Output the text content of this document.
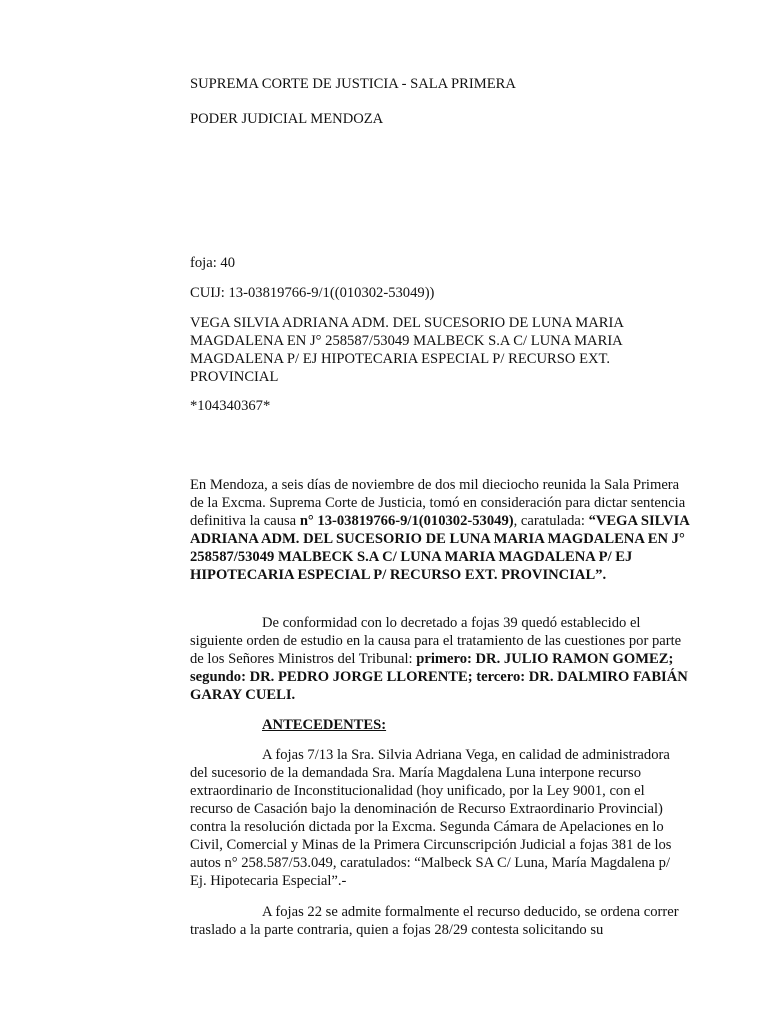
SUPREMA CORTE DE JUSTICIA - SALA PRIMERA
PODER JUDICIAL MENDOZA
foja: 40
CUIJ: 13-03819766-9/1((010302-53049))
VEGA SILVIA ADRIANA ADM. DEL SUCESORIO DE LUNA MARIA
MAGDALENA EN J° 258587/53049 MALBECK S.A C/ LUNA MARIA
MAGDALENA P/ EJ HIPOTECARIA ESPECIAL P/ RECURSO EXT.
PROVINCIAL
*104340367*

En Mendoza, a seis días de noviembre de dos mil dieciocho reunida la Sala Primera de la Excma. Suprema Corte de Justicia, tomó en consideración para dictar sentencia definitiva la causa n° 13-03819766-9/1(010302-53049), caratulada: “VEGA SILVIA ADRIANA ADM. DEL SUCESORIO DE LUNA MARIA MAGDALENA EN J° 258587/53049 MALBECK S.A C/ LUNA MARIA MAGDALENA P/ EJ HIPOTECARIA ESPECIAL P/ RECURSO EXT. PROVINCIAL”.

De conformidad con lo decretado a fojas 39 quedó establecido el siguiente orden de estudio en la causa para el tratamiento de las cuestiones por parte de los Señores Ministros del Tribunal: primero: DR. JULIO RAMON GOMEZ; segundo: DR. PEDRO JORGE LLORENTE; tercero: DR. DALMIRO FABIÁN GARAY CUELI.

ANTECEDENTES:

A fojas 7/13 la Sra. Silvia Adriana Vega, en calidad de administradora del sucesorio de la demandada Sra. María Magdalena Luna interpone recurso extraordinario de Inconstitucionalidad (hoy unificado, por la Ley 9001, con el recurso de Casación bajo la denominación de Recurso Extraordinario Provincial) contra la resolución dictada por la Excma. Segunda Cámara de Apelaciones en lo Civil, Comercial y Minas de la Primera Circunscripción Judicial a fojas 381 de los autos n° 258.587/53.049, caratulados: “Malbeck SA C/ Luna, María Magdalena p/ Ej. Hipotecaria Especial”.-

A fojas 22 se admite formalmente el recurso deducido, se ordena correr traslado a la parte contraria, quien a fojas 28/29 contesta solicitando su
